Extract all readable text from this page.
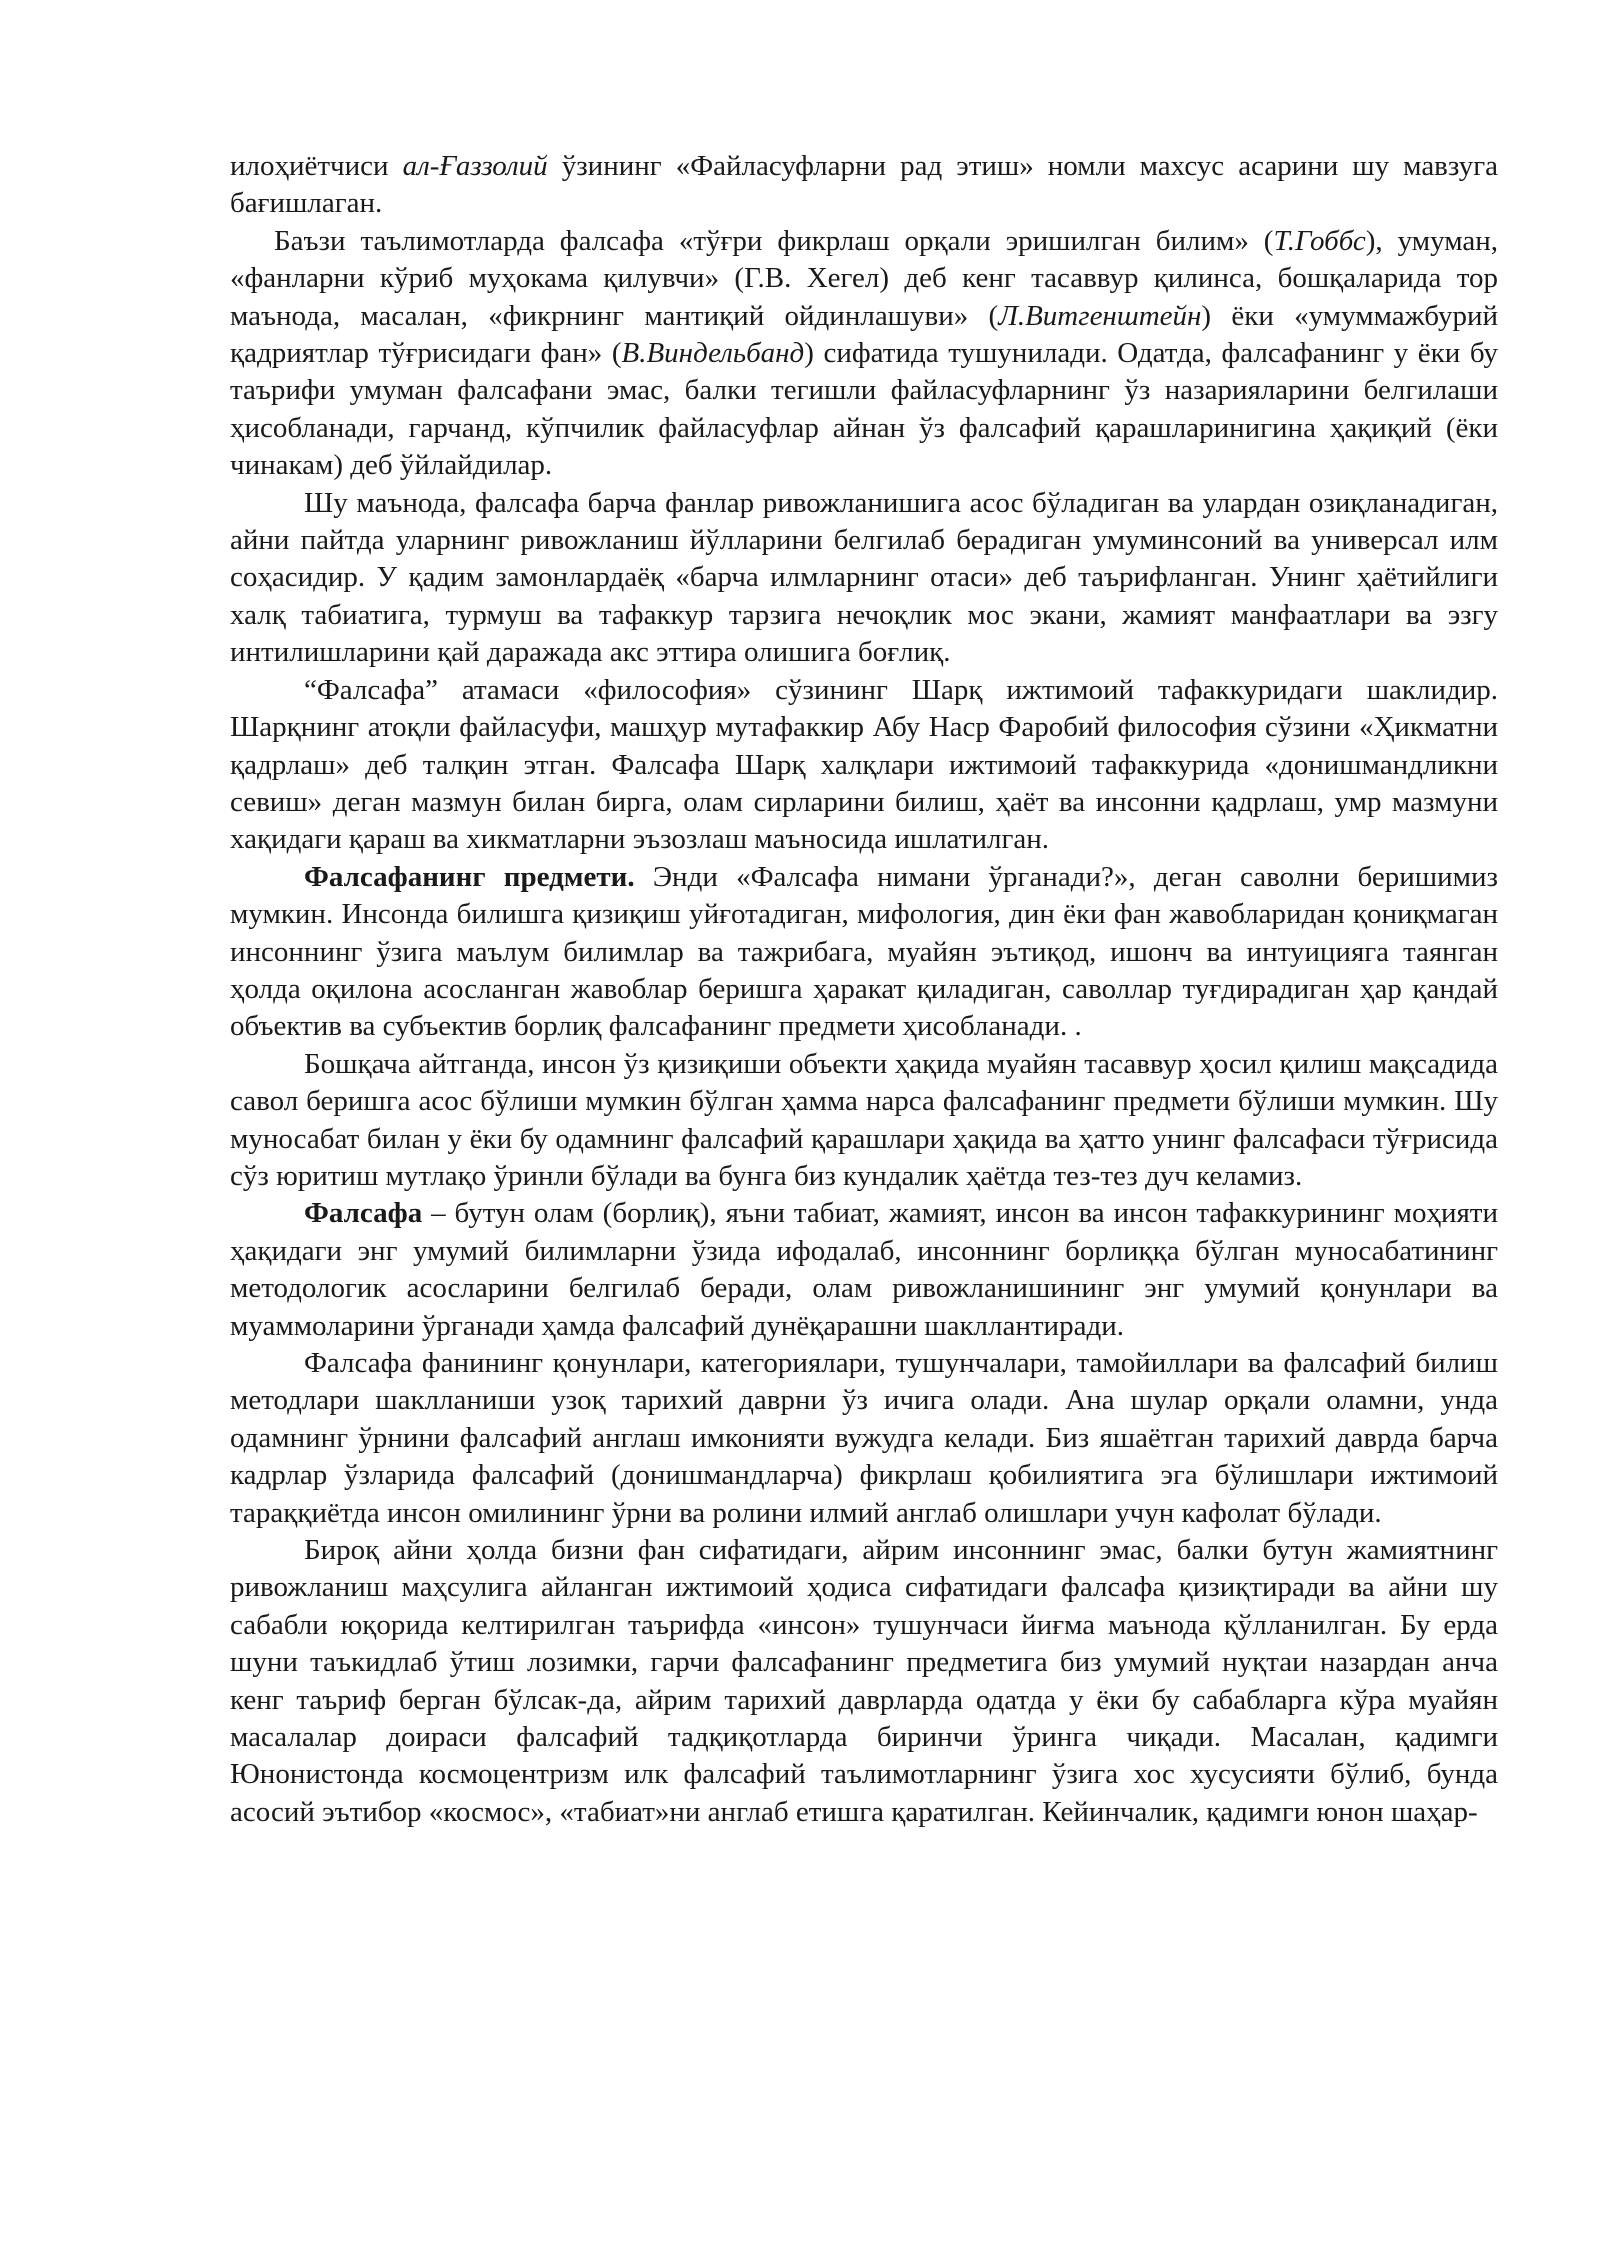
илоҳиётчиси ал-Ғаззолий ўзининг «Файласуфларни рад этиш» номли махсус асарини шу мавзуга бағишлаган.

Баъзи таълимотларда фалсафа «тўғри фикрлаш орқали эришилган билим» (Т.Гоббс), умуман, «фанларни кўриб муҳокама қилувчи» (Г.В. Хегел) деб кенг тасаввур қилинса, бошқаларида тор маънода, масалан, «фикрнинг мантиқий ойдинлашуви» (Л.Витгенштейн) ёки «умуммажбурий қадриятлар тўғрисидаги фан» (В.Виндельбанд) сифатида тушунилади. Одатда, фалсафанинг у ёки бу таърифи умуман фалсафани эмас, балки тегишли файласуфларнинг ўз назарияларини белгилаши ҳисобланади, гарчанд, кўпчилик файласуфлар айнан ўз фалсафий қарашларинигина ҳақиқий (ёки чинакам) деб ўйлайдилар.

Шу маънода, фалсафа барча фанлар ривожланишига асос бўладиган ва улардан озиқланадиган, айни пайтда уларнинг ривожланиш йўлларини белгилаб берадиган умуминсоний ва универсал илм соҳасидир. У қадим замонлардаёқ «барча илмларнинг отаси» деб таърифланган. Унинг ҳаётийлиги халқ табиатига, турмуш ва тафаккур тарзига нечоқлик мос экани, жамият манфаатлари ва эзгу интилишларини қай даражада акс эттира олишига боғлиқ.

“Фалсафа” атамаси «философия» сўзининг Шарқ ижтимоий тафаккуридаги шаклидир. Шарқнинг атоқли файласуфи, машҳур мутафаккир Абу Наср Фаробий философия сўзини «Ҳикматни қадрлаш» деб талқин этган. Фалсафа Шарқ халқлари ижтимоий тафаккурида «донишмандликни севиш» деган мазмун билан бирга, олам сирларини билиш, ҳаёт ва инсонни қадрлаш, умр мазмуни хақидаги қараш ва хикматларни эъзозлаш маъносида ишлатилган.

Фалсафанинг предмети. Энди «Фалсафа нимани ўрганади?», деган саволни беришимиз мумкин. Инсонда билишга қизиқиш уйғотадиган, мифология, дин ёки фан жавобларидан қониқмаган инсоннинг ўзига маълум билимлар ва тажрибага, муайян эътиқод, ишонч ва интуицияга таянган ҳолда оқилона асосланган жавоблар беришга ҳаракат қиладиган, саволлар туғдирадиган ҳар қандай объектив ва субъектив борлиқ фалсафанинг предмети ҳисобланади. .

Бошқача айтганда, инсон ўз қизиқиши объекти ҳақида муайян тасаввур ҳосил қилиш мақсадида савол беришга асос бўлиши мумкин бўлган ҳамма нарса фалсафанинг предмети бўлиши мумкин. Шу муносабат билан у ёки бу одамнинг фалсафий қарашлари ҳақида ва ҳатто унинг фалсафаси тўғрисида сўз юритиш мутлақо ўринли бўлади ва бунга биз кундалик ҳаётда тез-тез дуч келамиз.

Фалсафа – бутун олам (борлиқ), яъни табиат, жамият, инсон ва инсон тафаккурининг моҳияти ҳақидаги энг умумий билимларни ўзида ифодалаб, инсоннинг борлиққа бўлган муносабатининг методологик асосларини белгилаб беради, олам ривожланишининг энг умумий қонунлари ва муаммоларини ўрганади ҳамда фалсафий дунёқарашни шакллантиради.

Фалсафа фанининг қонунлари, категориялари, тушунчалари, тамойиллари ва фалсафий билиш методлари шаклланиши узоқ тарихий даврни ўз ичига олади. Ана шулар орқали оламни, унда одамнинг ўрнини фалсафий англаш имконияти вужудга келади. Биз яшаётган тарихий даврда барча кадрлар ўзларида фалсафий (донишмандларча) фикрлаш қобилиятига эга бўлишлари ижтимоий тараққиётда инсон омилининг ўрни ва ролини илмий англаб олишлари учун кафолат бўлади.

Бироқ айни ҳолда бизни фан сифатидаги, айрим инсоннинг эмас, балки бутун жамиятнинг ривожланиш маҳсулига айланган ижтимоий ҳодиса сифатидаги фалсафа қизиқтиради ва айни шу сабабли юқорида келтирилган таърифда «инсон» тушунчаси йиғма маънода қўлланилган. Бу ерда шуни таъкидлаб ўтиш лозимки, гарчи фалсафанинг предметига биз умумий нуқтаи назардан анча кенг таъриф берган бўлсак-да, айрим тарихий даврларда одатда у ёки бу сабабларга кўра муайян масалалар доираси фалсафий тадқиқотларда биринчи ўринга чиқади. Масалан, қадимги Юнонистонда космоцентризм илк фалсафий таълимотларнинг ўзига хос хусусияти бўлиб, бунда асосий эътибор «космос», «табиат»ни англаб етишга қаратилган. Кейинчалик, қадимги юнон шаҳар-
